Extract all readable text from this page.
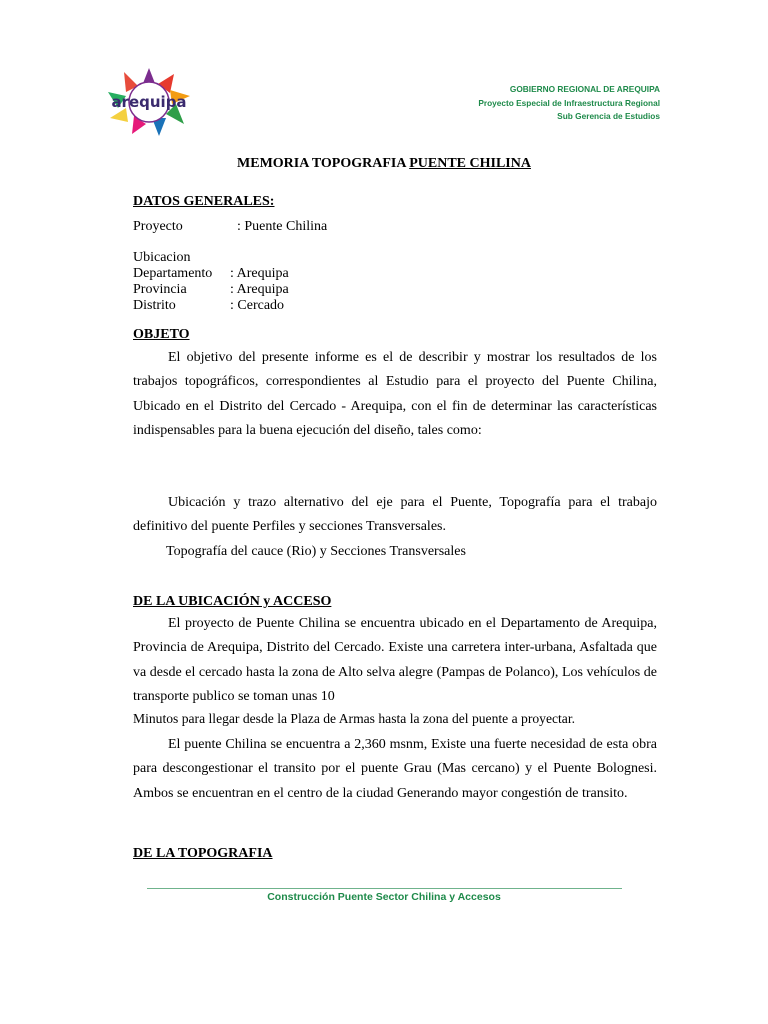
arequipa
GOBIERNO REGIONAL DE AREQUIPA
Proyecto Especial de Infraestructura Regional
Sub Gerencia de Estudios
MEMORIA TOPOGRAFIA PUENTE CHILINA
DATOS GENERALES:
Proyecto	: Puente Chilina
Ubicacion
Departamento : Arequipa
Provincia	: Arequipa
Distrito	: Cercado
OBJETO

El objetivo del presente informe es el de describir y mostrar los resultados de los trabajos topográficos, correspondientes al Estudio para el proyecto del Puente Chilina, Ubicado en el Distrito del Cercado - Arequipa, con el fin de determinar las características indispensables para la buena ejecución del diseño, tales como:

Ubicación y trazo alternativo del eje para el Puente, Topografía para el trabajo definitivo del puente Perfiles y secciones Transversales.

Topografía del cauce (Rio) y Secciones Transversales

DE LA UBICACIÓN y ACCESO

El proyecto de Puente Chilina se encuentra ubicado en el Departamento de Arequipa, Provincia de Arequipa, Distrito del Cercado. Existe una carretera inter-urbana, Asfaltada que va desde el cercado hasta la zona de Alto selva alegre (Pampas de Polanco), Los vehículos de transporte publico se toman unas 10

Minutos para llegar desde la Plaza de Armas hasta la zona del puente a proyectar.

El puente Chilina se encuentra a 2,360 msnm, Existe una fuerte necesidad de esta obra para descongestionar el transito por el puente Grau (Mas cercano) y el Puente Bolognesi. Ambos se encuentran en el centro de la ciudad Generando mayor congestión de transito.

DE LA TOPOGRAFIA
Construcción Puente Sector Chilina y Accesos
